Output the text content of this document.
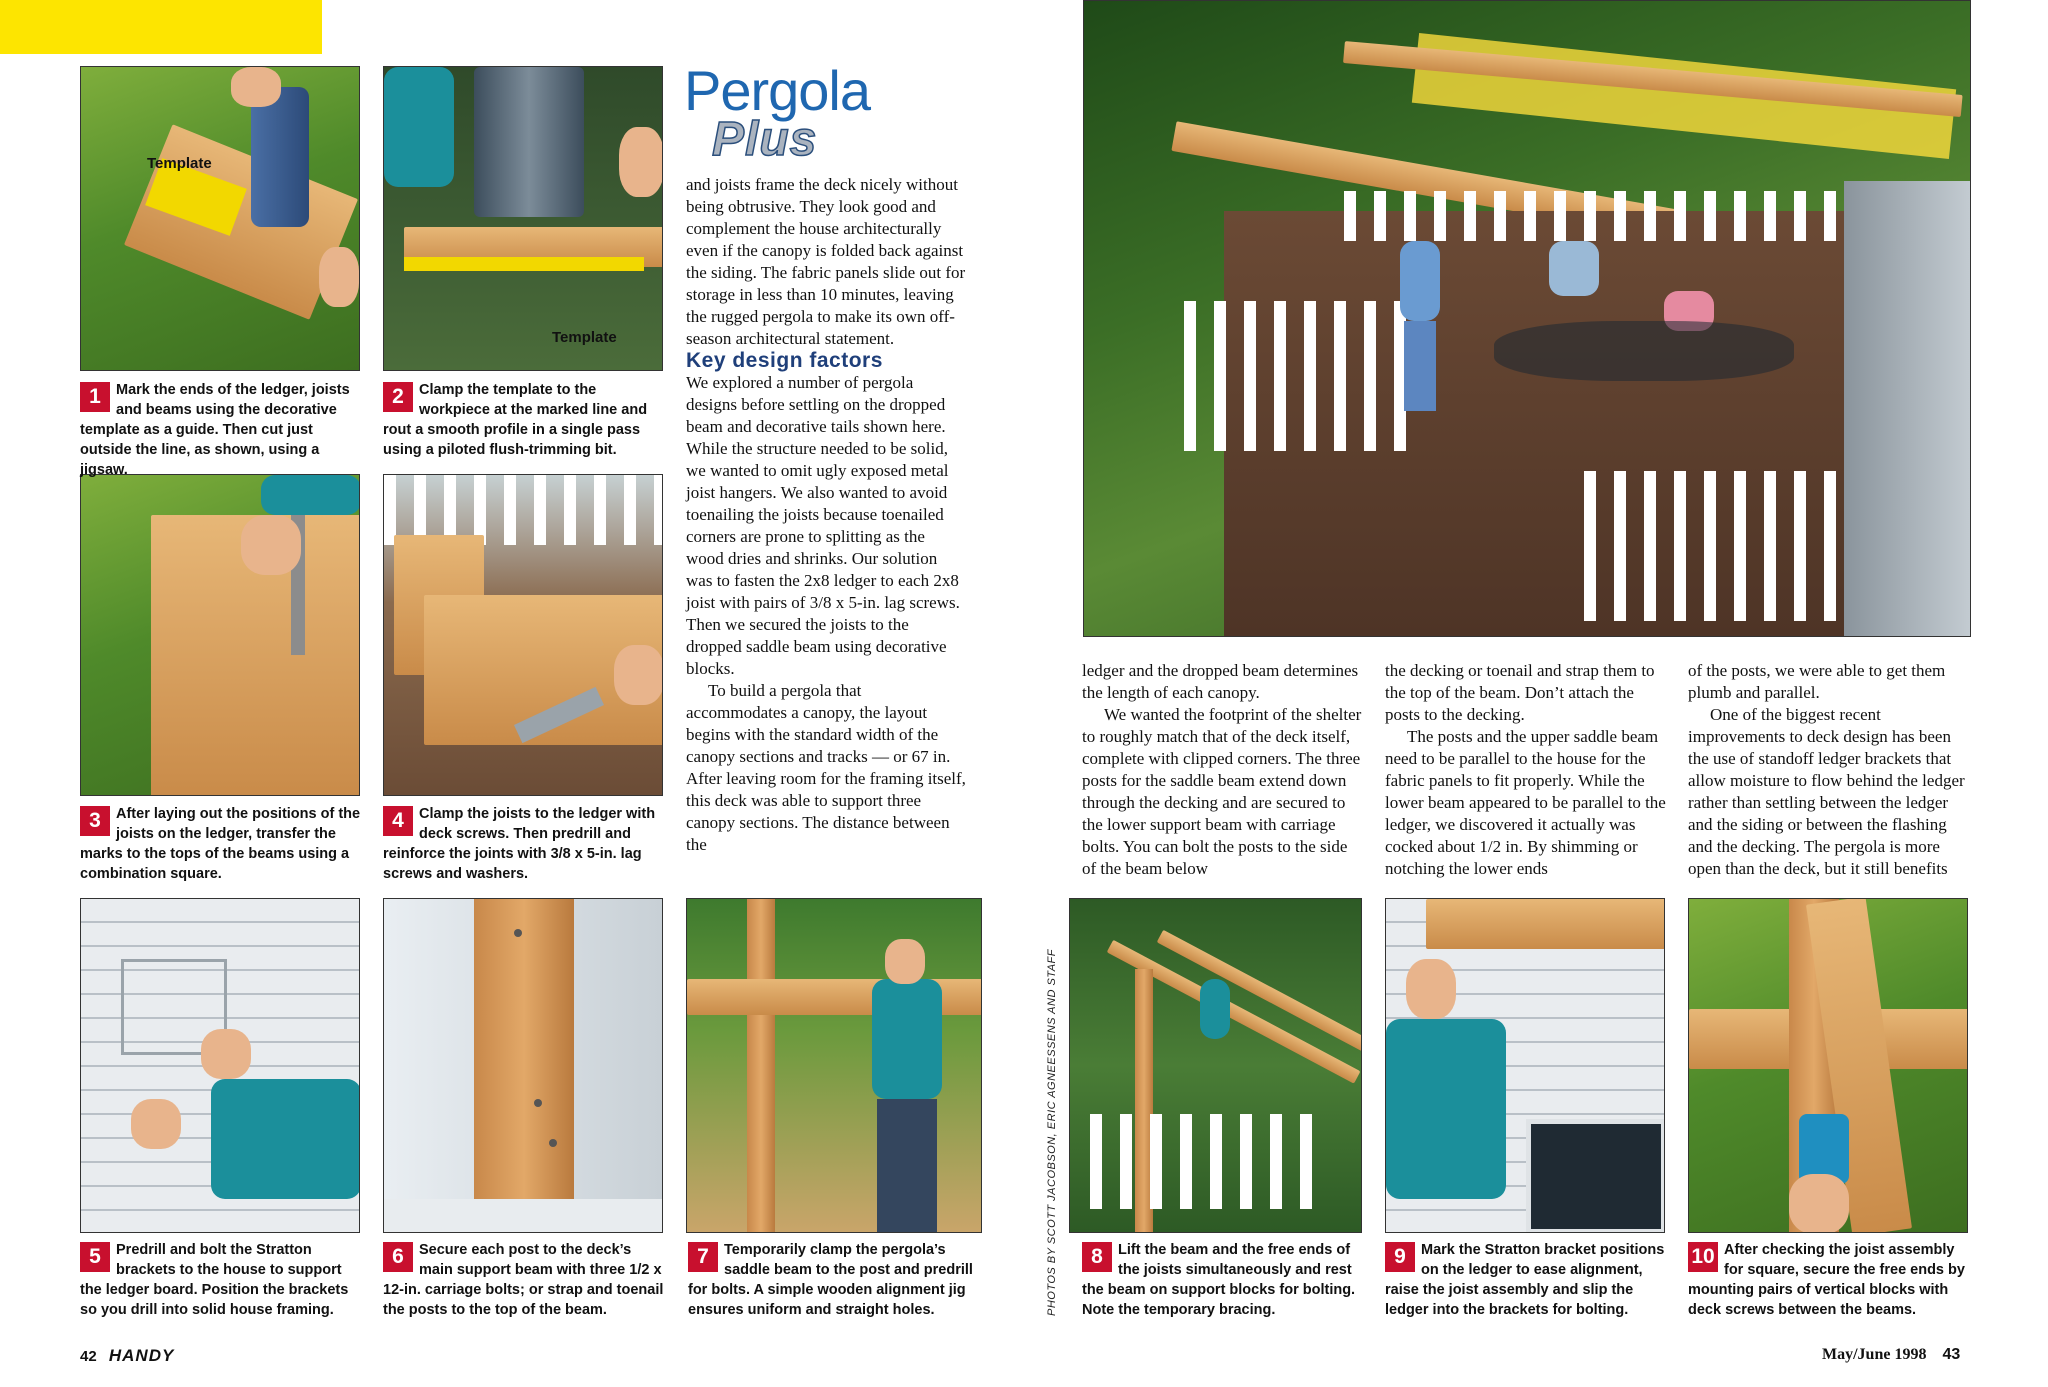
Template
Template
1	Mark the ends of the ledger, joists and beams using the decorative template as a guide. Then cut just outside the line, as shown, using a jigsaw.
2	Clamp the template to the workpiece at the marked line and rout a smooth profile in a single pass using a piloted flush-trimming bit.
3	After laying out the positions of the joists on the ledger, transfer the marks to the tops of the beams using a combination square.
4	Clamp the joists to the ledger with deck screws. Then predrill and reinforce the joints with 3/8 x 5-in. lag screws and washers.
5	Predrill and bolt the Stratton brackets to the house to support the ledger board. Position the brackets so you drill into solid house framing.
6	Secure each post to the deck’s main support beam with three 1/2 x 12-in. carriage bolts; or strap and toenail the posts to the top of the beam.
7	Temporarily clamp the pergola’s saddle beam to the post and predrill for bolts. A simple wooden alignment jig ensures uniform and straight holes.
8	Lift the beam and the free ends of the joists simultaneously and rest the beam on support blocks for bolting. Note the temporary bracing.
9	Mark the Stratton bracket positions on the ledger to ease alignment, raise the joist assembly and slip the ledger into the brackets for bolting.
10 After checking the joist assembly for square, secure the free ends by mounting pairs of vertical blocks with deck screws between the beams.
Pergola
Plus

and joists frame the deck nicely without being obtrusive. They look good and complement the house architecturally even if the canopy is folded back against the siding. The fabric panels slide out for storage in less than 10 minutes, leaving the rugged pergola to make its own off-season architectural statement.

Key design factors

We explored a number of pergola designs before settling on the dropped beam and decorative tails shown here. While the structure needed to be solid, we wanted to omit ugly exposed metal joist hangers. We also wanted to avoid toenailing the joists because toenailed corners are prone to splitting as the wood dries and shrinks. Our solution was to fasten the 2x8 ledger to each 2x8 joist with pairs of 3/8 x 5-in. lag screws. Then we secured the joists to the dropped saddle beam using decorative blocks.

To build a pergola that accommodates a canopy, the layout begins with the standard width of the canopy sections and tracks — or 67 in. After leaving room for the framing itself, this deck was able to support three canopy sections. The distance between the

ledger and the dropped beam determines the length of each canopy.

We wanted the footprint of the shelter to roughly match that of the deck itself, complete with clipped corners. The three posts for the saddle beam extend down through the decking and are secured to the lower support beam with carriage bolts. You can bolt the posts to the side of the beam below

the decking or toenail and strap them to the top of the beam. Don’t attach the posts to the decking.

The posts and the upper saddle beam need to be parallel to the house for the fabric panels to fit properly. While the lower beam appeared to be parallel to the ledger, we discovered it actually was cocked about 1/2 in. By shimming or notching the lower ends

of the posts, we were able to get them plumb and parallel.

One of the biggest recent improvements to deck design has been the use of standoff ledger brackets that allow moisture to flow behind the ledger rather than settling between the ledger and the siding or between the flashing and the decking. The pergola is more open than the deck, but it still benefits

PHOTOS BY SCOTT JACOBSON, ERIC AGNEESSENS AND STAFF
42 HANDY	May/June 1998 43
